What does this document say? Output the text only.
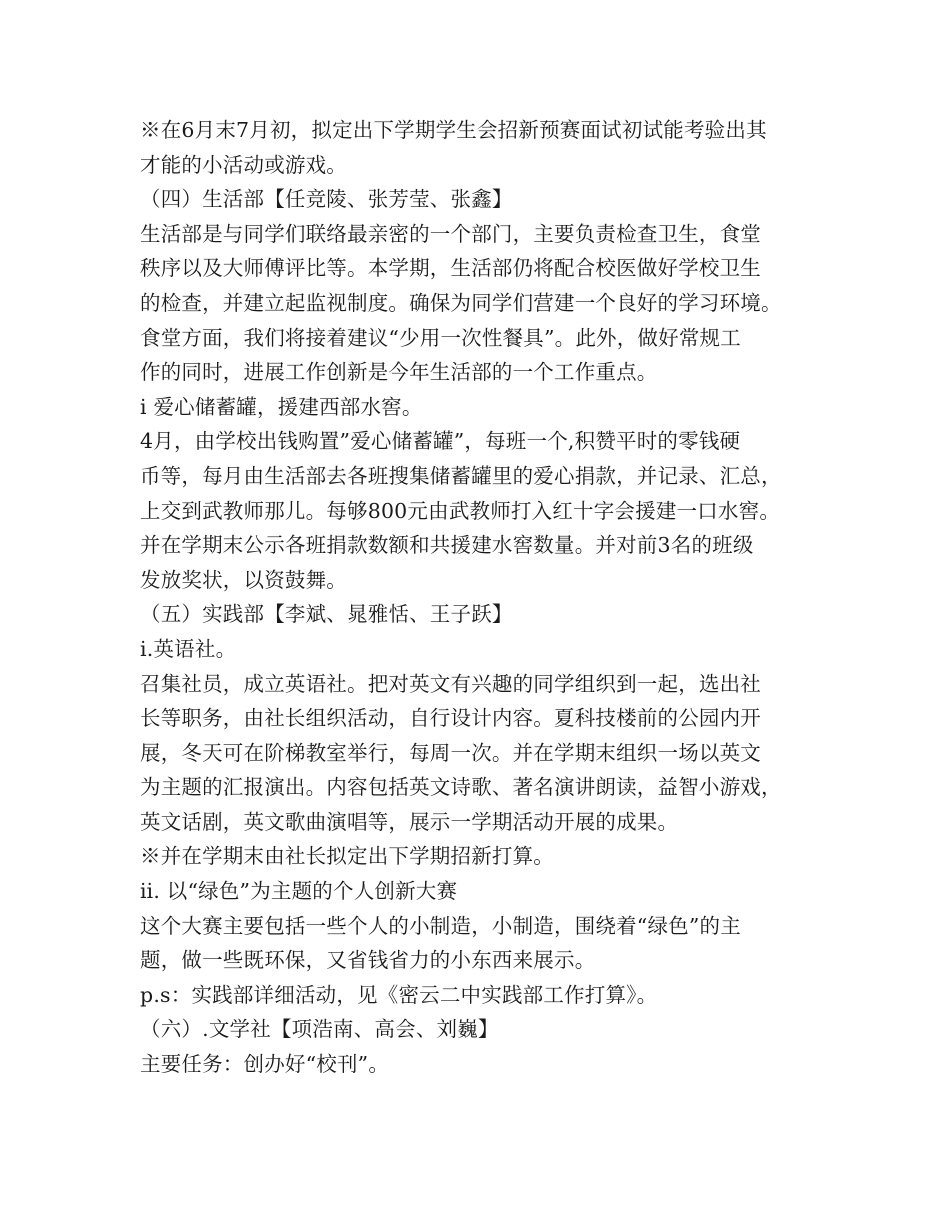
※在6月末7月初，拟定出下学期学生会招新预赛面试初试能考验出其
才能的小活动或游戏。
（四）生活部【任竞陵、张芳莹、张鑫】
生活部是与同学们联络最亲密的一个部门，主要负责检查卫生，食堂
秩序以及大师傅评比等。本学期，生活部仍将配合校医做好学校卫生
的检查，并建立起监视制度。确保为同学们营建一个良好的学习环境。
食堂方面，我们将接着建议“少用一次性餐具”。此外，做好常规工
作的同时，进展工作创新是今年生活部的一个工作重点。
i 爱心储蓄罐，援建西部水窖。
4月，由学校出钱购置”爱心储蓄罐”，每班一个,积赞平时的零钱硬
币等，每月由生活部去各班搜集储蓄罐里的爱心捐款，并记录、汇总，
上交到武教师那儿。每够800元由武教师打入红十字会援建一口水窖。
并在学期末公示各班捐款数额和共援建水窖数量。并对前3名的班级
发放奖状，以资鼓舞。
（五）实践部【李斌、晁雅恬、王子跃】
ⅰ.英语社。
召集社员，成立英语社。把对英文有兴趣的同学组织到一起，选出社
长等职务，由社长组织活动，自行设计内容。夏科技楼前的公园内开
展，冬天可在阶梯教室举行，每周一次。并在学期末组织一场以英文
为主题的汇报演出。内容包括英文诗歌、著名演讲朗读，益智小游戏，
英文话剧，英文歌曲演唱等，展示一学期活动开展的成果。
※并在学期末由社长拟定出下学期招新打算。
ⅱ. 以“绿色”为主题的个人创新大赛
这个大赛主要包括一些个人的小制造，小制造，围绕着“绿色”的主
题，做一些既环保，又省钱省力的小东西来展示。
p.s：实践部详细活动，见《密云二中实践部工作打算》。
（六）.文学社【项浩南、高会、刘巍】
主要任务：创办好“校刊”。
